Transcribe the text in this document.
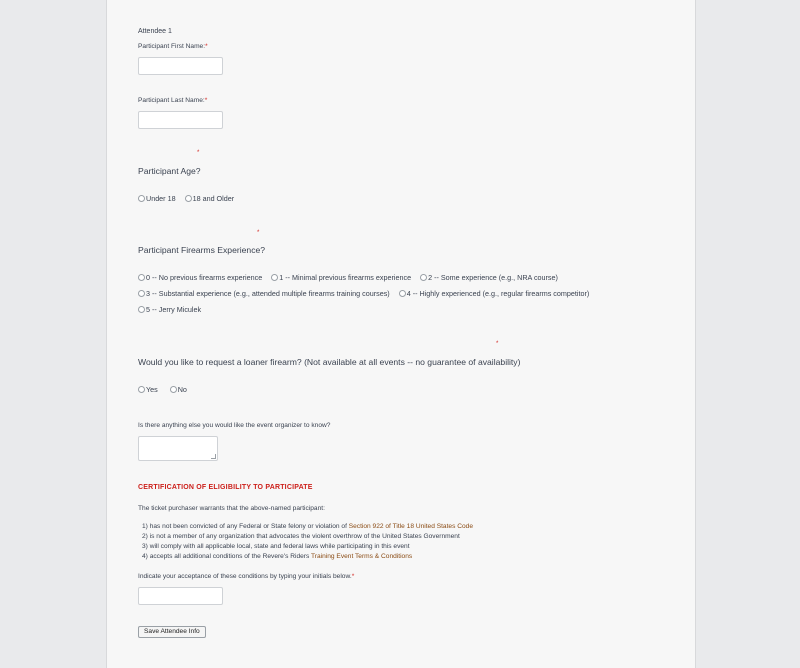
Attendee 1
Participant First Name:*
Participant Last Name:*
*
Participant Age?
Under 18 18 and Older
*
Participant Firearms Experience?
0 -- No previous firearms experience 1 -- Minimal previous firearms experience 2 -- Some experience (e.g., NRA course)
3 -- Substantial experience (e.g., attended multiple firearms training courses) 4 -- Highly experienced (e.g., regular firearms competitor)
5 -- Jerry Miculek
*
Would you like to request a loaner firearm? (Not available at all events -- no guarantee of availability)
Yes	No
Is there anything else you would like the event organizer to know?
CERTIFICATION OF ELIGIBILITY TO PARTICIPATE
The ticket purchaser warrants that the above-named participant:
1) has not been convicted of any Federal or State felony or violation of Section 922 of Title 18 United States Code
2) is not a member of any organization that advocates the violent overthrow of the United States Government
3) will comply with all applicable local, state and federal laws while participating in this event
4) accepts all additional conditions of the Revere's Riders Training Event Terms & Conditions
Indicate your acceptance of these conditions by typing your initials below.*
Save Attendee Info
